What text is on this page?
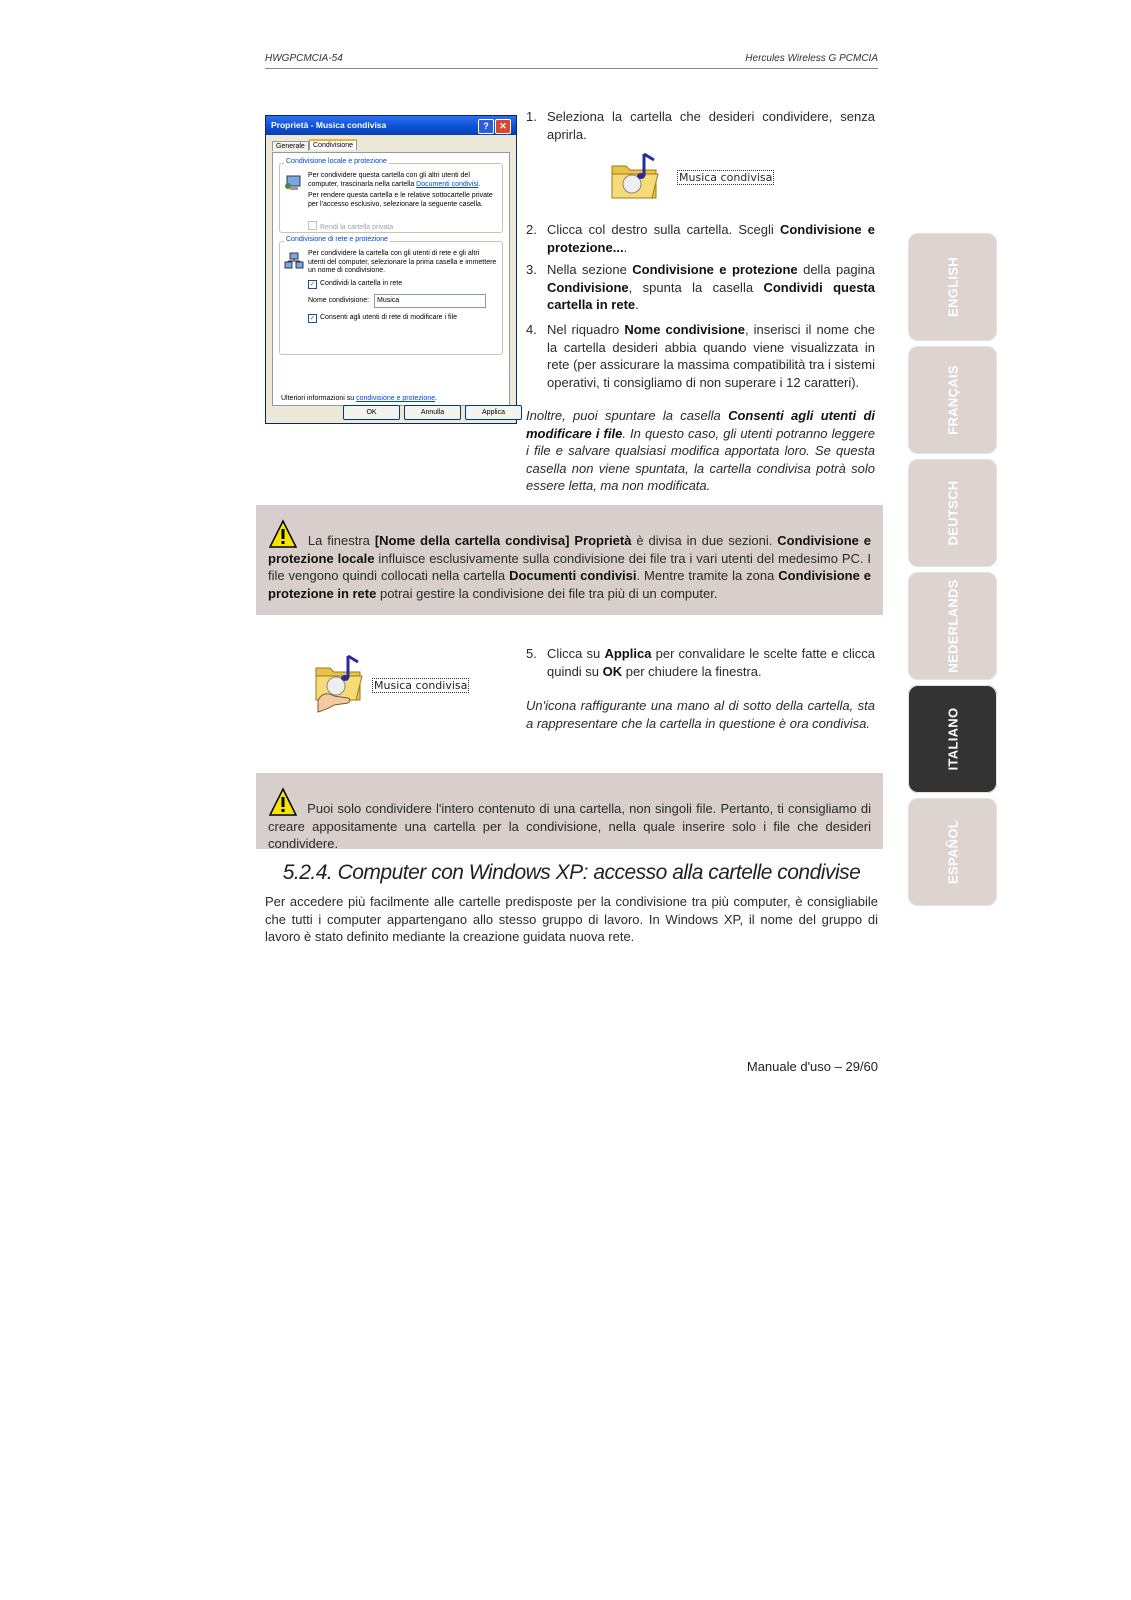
HWGPCMCIA-54	Hercules Wireless G PCMCIA
Proprietà - Musica condivisa	?	✕
Generale	Condivisione
Condivisione locale e protezione
Per condividere questa cartella con gli altri utenti del computer, trascinarla nella cartella Documenti condivisi.
Per rendere questa cartella e le relative sottocartelle private per l'accesso esclusivo, selezionare la seguente casella.
Rendi la cartella privata
Condivisione di rete e protezione
Per condividere la cartella con gli utenti di rete e gli altri utenti del computer, selezionare la prima casella e immettere un nome di condivisione.
✓ Condividi la cartella in rete
Nome condivisione:	Musica
✓ Consenti agli utenti di rete di modificare i file
Ulteriori informazioni su condivisione e protezione.
OK	Annulla	Applica
1. Seleziona la cartella che desideri condividere, senza aprirla.
Musica condivisa
2. Clicca col destro sulla cartella. Scegli Condivisione e protezione....
3. Nella sezione Condivisione e protezione della pagina Condivisione, spunta la casella Condividi questa cartella in rete.
4. Nel riquadro Nome condivisione, inserisci il nome che la cartella desideri abbia quando viene visualizzata in rete (per assicurare la massima compatibilità tra i sistemi operativi, ti consigliamo di non superare i 12 caratteri).
Inoltre, puoi spuntare la casella Consenti agli utenti di modificare i file. In questo caso, gli utenti potranno leggere i file e salvare qualsiasi modifica apportata loro. Se questa casella non viene spuntata, la cartella condivisa potrà solo essere letta, ma non modificata.
La finestra [Nome della cartella condivisa] Proprietà è divisa in due sezioni. Condivisione e protezione locale influisce esclusivamente sulla condivisione dei file tra i vari utenti del medesimo PC. I file vengono quindi collocati nella cartella Documenti condivisi. Mentre tramite la zona Condivisione e protezione in rete potrai gestire la condivisione dei file tra più di un computer.
Musica condivisa
5. Clicca su Applica per convalidare le scelte fatte e clicca quindi su OK per chiudere la finestra.
Un'icona raffigurante una mano al di sotto della cartella, sta a rappresentare che la cartella in questione è ora condivisa.
Puoi solo condividere l'intero contenuto di una cartella, non singoli file. Pertanto, ti consigliamo di creare appositamente una cartella per la condivisione, nella quale inserire solo i file che desideri condividere.
5.2.4. Computer con Windows XP: accesso alla cartelle condivise
Per accedere più facilmente alle cartelle predisposte per la condivisione tra più computer, è consigliabile che tutti i computer appartengano allo stesso gruppo di lavoro. In Windows XP, il nome del gruppo di lavoro è stato definito mediante la creazione guidata nuova rete.
Manuale d'uso – 29/60
ENGLISH
FRANÇAIS
DEUTSCH
NEDERLANDS
ITALIANO
ESPAÑOL
